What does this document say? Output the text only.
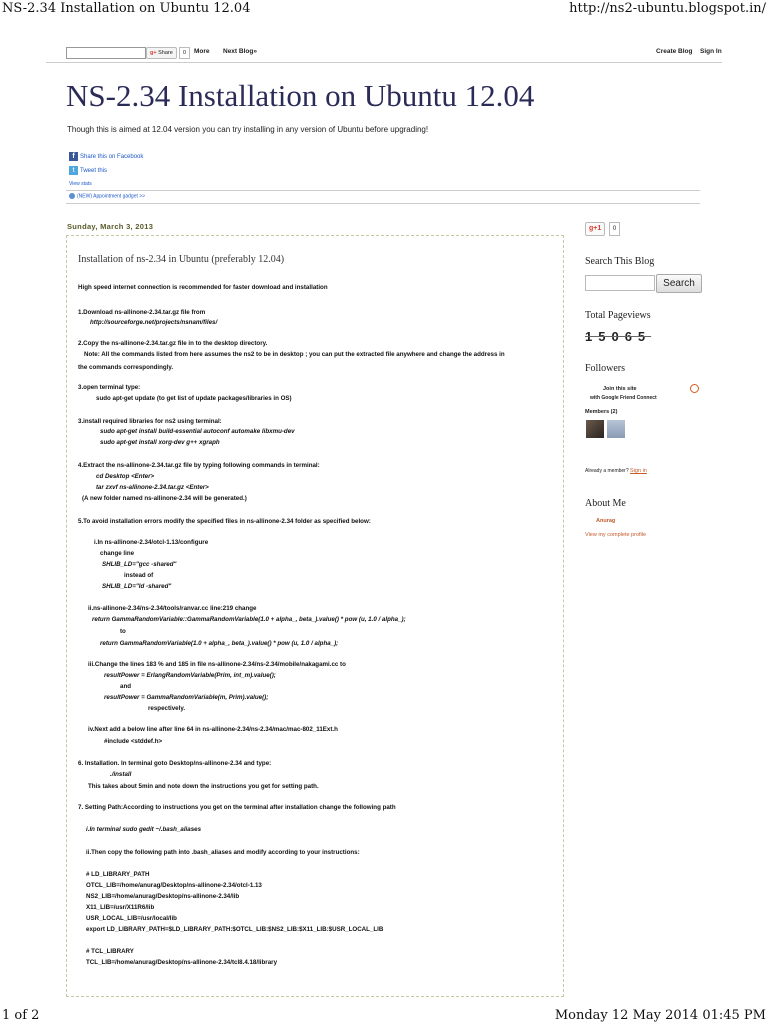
NS-2.34 Installation on Ubuntu 12.04	http://ns2-ubuntu.blogspot.in/
1 of 2	Monday 12 May 2014 01:45 PM
g+ Share	0	More Next Blog»	Create Blog Sign In
NS-2.34 Installation on Ubuntu 12.04
Though this is aimed at 12.04 version you can try installing in any version of Ubuntu before upgrading!
f Share this on Facebook
t Tweet this
View stats
(NEW) Appointment gadget >>
Sunday, March 3, 2013
Installation of ns-2.34 in Ubuntu (preferably 12.04)
High speed internet connection is recommended for faster download and installation
1.Download ns-allinone-2.34.tar.gz file from
http://sourceforge.net/projects/nsnam/files/
2.Copy the ns-allinone-2.34.tar.gz file in to the desktop directory.
Note: All the commands listed from here assumes the ns2 to be in desktop ; you can put the extracted file anywhere and change the address in
the commands correspondingly.
3.open terminal type:
sudo apt-get update (to get list of update packages/libraries in OS)
3.install required libraries for ns2 using terminal:
sudo apt-get install build-essential autoconf automake libxmu-dev
sudo apt-get install xorg-dev g++ xgraph
4.Extract the ns-allinone-2.34.tar.gz file by typing following commands in terminal:
cd Desktop <Enter>
tar zxvf ns-allinone-2.34.tar.gz <Enter>
(A new folder named ns-allinone-2.34 will be generated.)
5.To avoid installation errors modify the specified files in ns-allinone-2.34 folder as specified below:
i.In ns-allinone-2.34/otcl-1.13/configure
change line
SHLIB_LD="gcc -shared"
instead of
SHLIB_LD="ld -shared"
ii.ns-allinone-2.34/ns-2.34/tools/ranvar.cc line:219 change
return GammaRandomVariable::GammaRandomVariable(1.0 + alpha_, beta_).value() * pow (u, 1.0 / alpha_);
to
return GammaRandomVariable(1.0 + alpha_, beta_).value() * pow (u, 1.0 / alpha_);
iii.Change the lines 183 % and 185 in file ns-allinone-2.34/ns-2.34/mobile/nakagami.cc to
resultPower = ErlangRandomVariable(Prim, int_m).value();
and
resultPower = GammaRandomVariable(m, Prim).value();
respectively.
iv.Next add a below line after line 64 in ns-allinone-2.34/ns-2.34/mac/mac-802_11Ext.h
#include <stddef.h>
6. Installation. In terminal goto Desktop/ns-allinone-2.34 and type:
./install
This takes about 5min and note down the instructions you get for setting path.
7. Setting Path:According to instructions you get on the terminal after installation change the following path
i.In terminal sudo gedit ~/.bash_aliases
ii.Then copy the following path into .bash_aliases and modify according to your instructions:
# LD_LIBRARY_PATH
OTCL_LIB=/home/anurag/Desktop/ns-allinone-2.34/otcl-1.13
NS2_LIB=/home/anurag/Desktop/ns-allinone-2.34/lib
X11_LIB=/usr/X11R6/lib
USR_LOCAL_LIB=/usr/local/lib
export LD_LIBRARY_PATH=$LD_LIBRARY_PATH:$OTCL_LIB:$NS2_LIB:$X11_LIB:$USR_LOCAL_LIB
# TCL_LIBRARY
TCL_LIB=/home/anurag/Desktop/ns-allinone-2.34/tcl8.4.18/library
g+1	0
Search This Blog
Search
Total Pageviews
15065
Followers
Join this site
with Google Friend Connect
Members (2)
Already a member? Sign in
About Me
Anurag
View my complete profile
